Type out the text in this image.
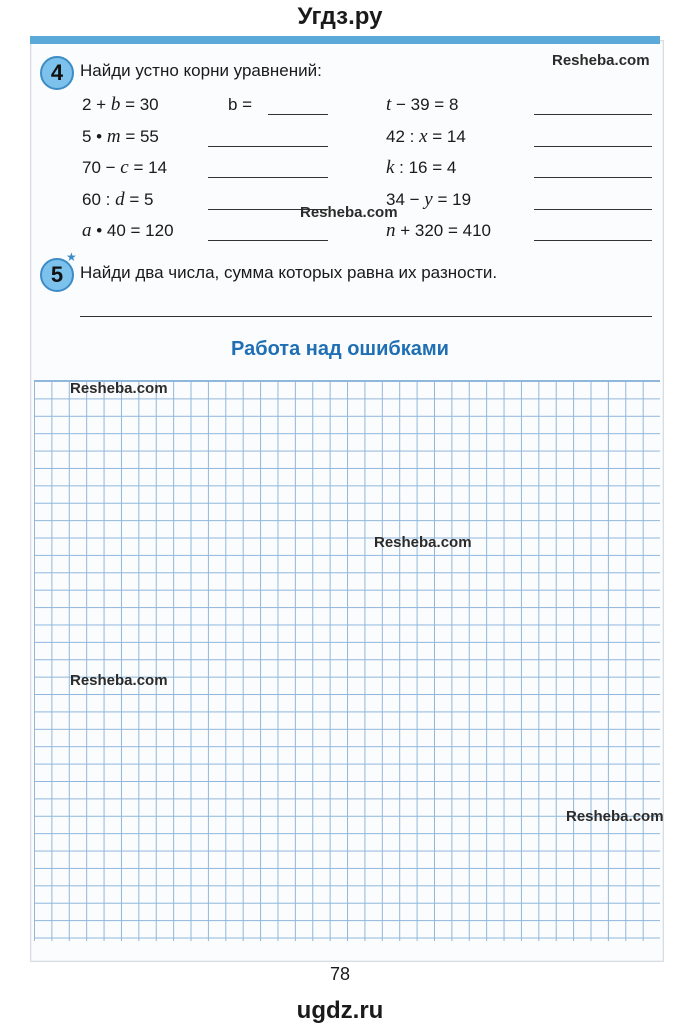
Угдз.ру
4 Найди устно корни уравнений:
2 + b = 30	b =
5 • m = 55
70 − c = 14
60 : d = 5
a • 40 = 120
t − 39 = 8
42 : x = 14
k : 16 = 4
34 − y = 19
n + 320 = 410
5
★
Найди два числа, сумма которых равна их разности.
Работа над ошибками
Resheba.com
Resheba.com
Resheba.com
Resheba.com
Resheba.com
Resheba.com
78
ugdz.ru
